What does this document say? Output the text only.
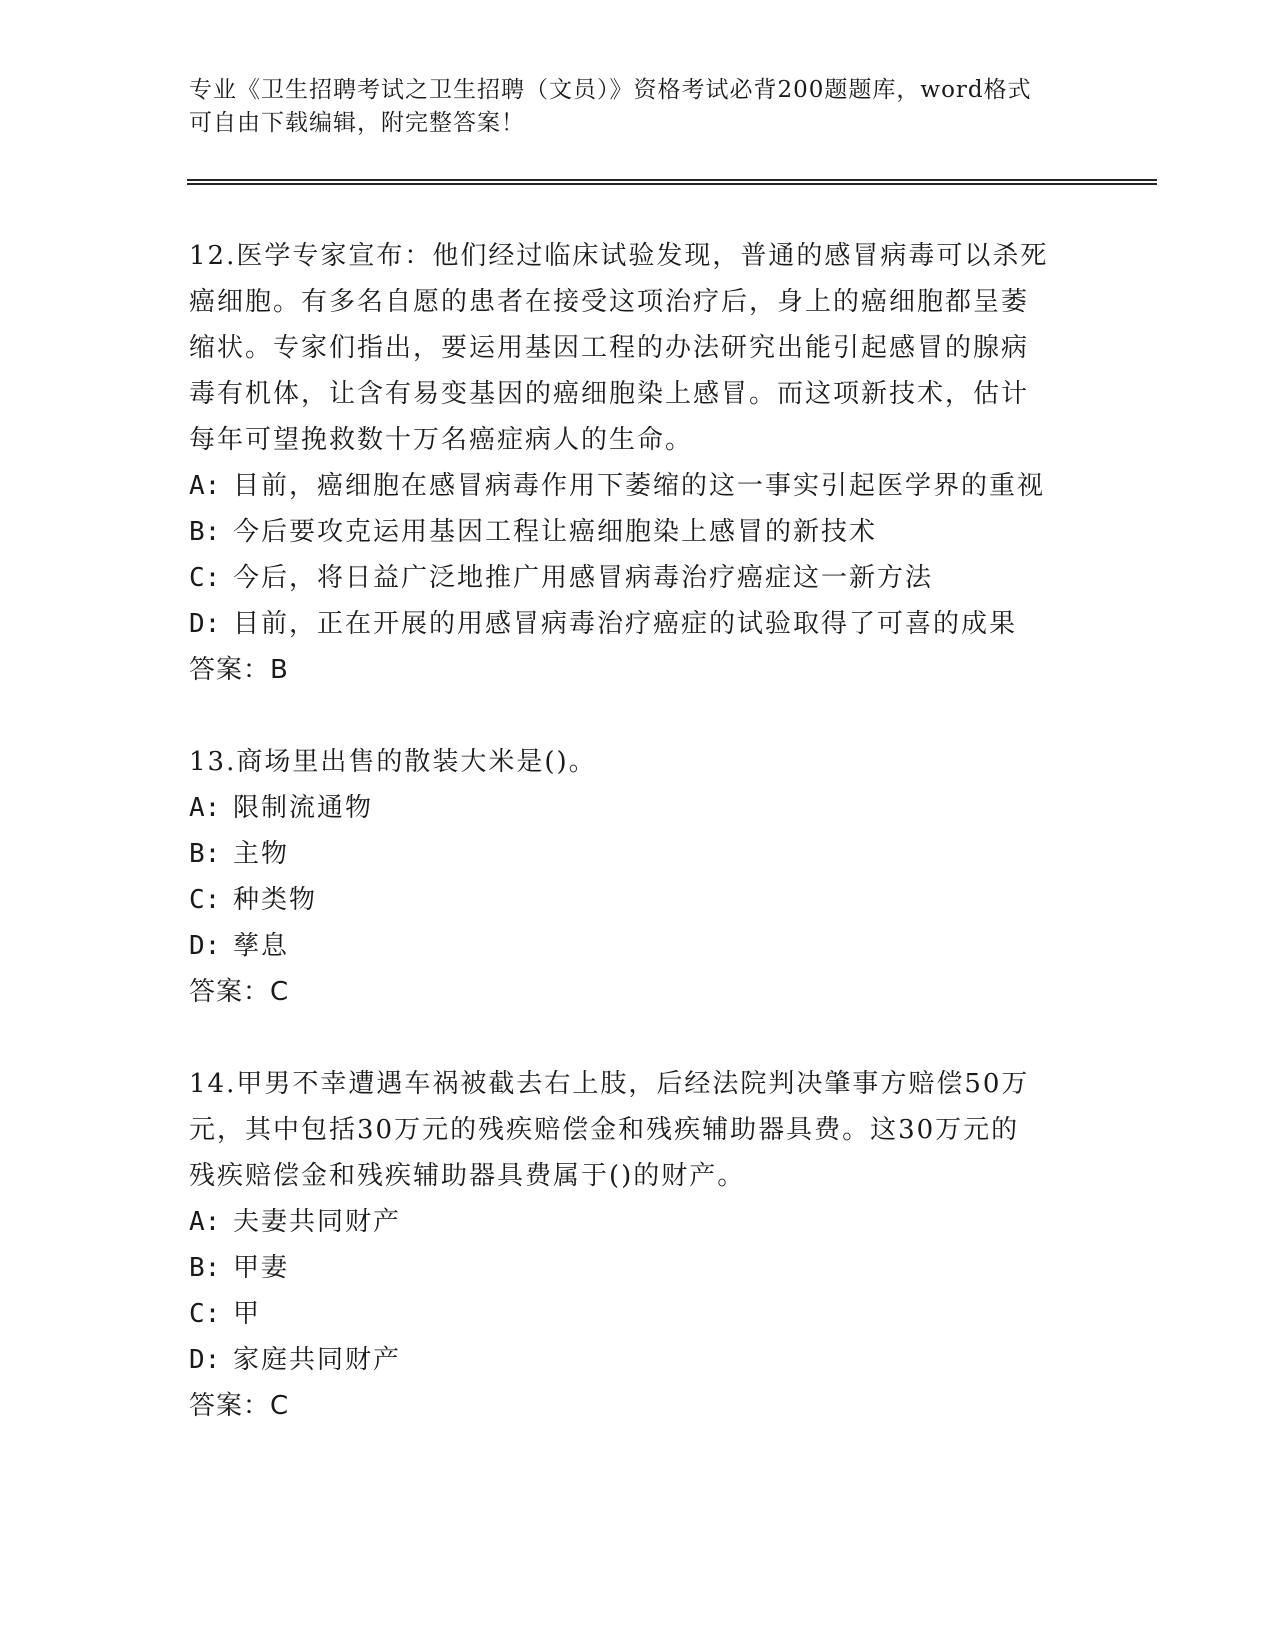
专业《卫生招聘考试之卫生招聘（文员）》资格考试必背200题题库，word格式
可自由下载编辑，附完整答案！
12.医学专家宣布：他们经过临床试验发现，普通的感冒病毒可以杀死
癌细胞。有多名自愿的患者在接受这项治疗后，身上的癌细胞都呈萎
缩状。专家们指出，要运用基因工程的办法研究出能引起感冒的腺病
毒有机体，让含有易变基因的癌细胞染上感冒。而这项新技术，估计
每年可望挽救数十万名癌症病人的生命。
A: 目前，癌细胞在感冒病毒作用下萎缩的这一事实引起医学界的重视
B: 今后要攻克运用基因工程让癌细胞染上感冒的新技术
C: 今后，将日益广泛地推广用感冒病毒治疗癌症这一新方法
D: 目前，正在开展的用感冒病毒治疗癌症的试验取得了可喜的成果
答案：B
13.商场里出售的散装大米是()。
A: 限制流通物
B: 主物
C: 种类物
D: 孳息
答案：C
14.甲男不幸遭遇车祸被截去右上肢，后经法院判决肇事方赔偿50万
元，其中包括30万元的残疾赔偿金和残疾辅助器具费。这30万元的
残疾赔偿金和残疾辅助器具费属于()的财产。
A: 夫妻共同财产
B: 甲妻
C: 甲
D: 家庭共同财产
答案：C
